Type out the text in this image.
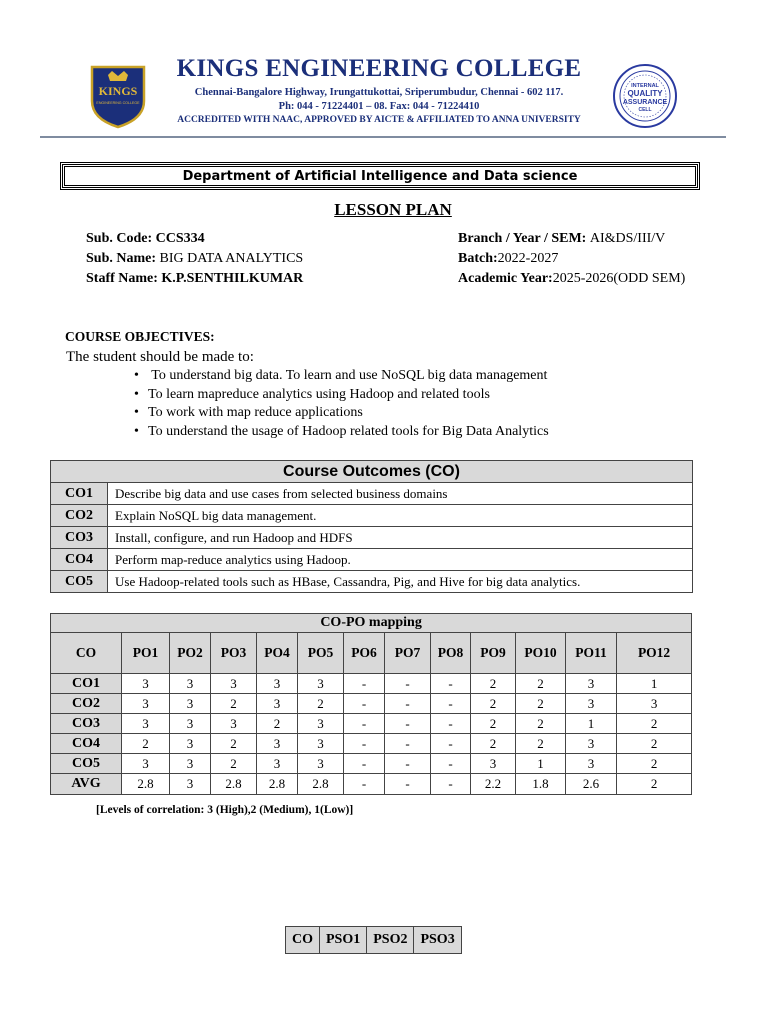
KINGS
ENGINEERING COLLEGE
KINGS ENGINEERING COLLEGE
Chennai-Bangalore Highway, Irungattukottai, Sriperumbudur, Chennai - 602 117.
Ph: 044 - 71224401 – 08. Fax: 044 - 71224410
ACCREDITED WITH NAAC, APPROVED BY AICTE & AFFILIATED TO ANNA UNIVERSITY
INTERNAL
QUALITY
ASSURANCE
CELL
Department of Artificial Intelligence and Data science
LESSON PLAN
Sub. Code: CCS334
Sub. Name: BIG DATA ANALYTICS
Staff Name: K.P.SENTHILKUMAR
Branch / Year / SEM: AI&DS/III/V
Batch:2022-2027
Academic Year:2025-2026(ODD SEM)
COURSE OBJECTIVES:
The student should be made to:
• To understand big data. To learn and use NoSQL big data management
• To learn mapreduce analytics using Hadoop and related tools
• To work with map reduce applications
• To understand the usage of Hadoop related tools for Big Data Analytics
Course Outcomes (CO)	
CO1	Describe big data and use cases from selected business domains
CO2	Explain NoSQL big data management.
CO3	Install, configure, and run Hadoop and HDFS
CO4	Perform map-reduce analytics using Hadoop.
CO5	Use Hadoop-related tools such as HBase, Cassandra, Pig, and Hive for big data analytics.
CO-PO mapping												
CO	PO1	PO2	PO3	PO4	PO5	PO6	PO7	PO8	PO9	PO10	PO11	PO12
CO1	3	3	3	3	3	-	-	-	2	2	3	1
CO2	3	3	2	3	2	-	-	-	2	2	3	3
CO3	3	3	3	2	3	-	-	-	2	2	1	2
CO4	2	3	2	3	3	-	-	-	2	2	3	2
CO5	3	3	2	3	3	-	-	-	3	1	3	2
AVG	2.8	3	2.8	2.8	2.8	-	-	-	2.2	1.8	2.6	2
[Levels of correlation: 3 (High),2 (Medium), 1(Low)]
CO	PSO1	PSO2	PSO3
